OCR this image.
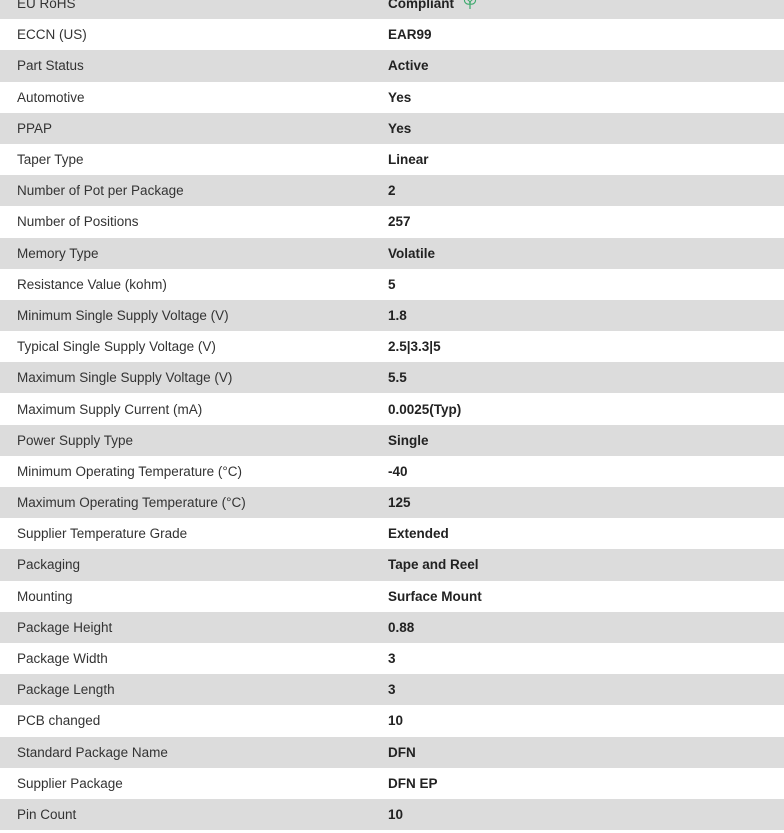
EU RoHS	Compliant
ECCN (US)	EAR99
Part Status	Active
Automotive	Yes
PPAP	Yes
Taper Type	Linear
Number of Pot per Package	2
Number of Positions	257
Memory Type	Volatile
Resistance Value (kohm)	5
Minimum Single Supply Voltage (V)	1.8
Typical Single Supply Voltage (V)	2.5|3.3|5
Maximum Single Supply Voltage (V)	5.5
Maximum Supply Current (mA)	0.0025(Typ)
Power Supply Type	Single
Minimum Operating Temperature (°C)	-40
Maximum Operating Temperature (°C)	125
Supplier Temperature Grade	Extended
Packaging	Tape and Reel
Mounting	Surface Mount
Package Height	0.88
Package Width	3
Package Length	3
PCB changed	10
Standard Package Name	DFN
Supplier Package	DFN EP
Pin Count	10
